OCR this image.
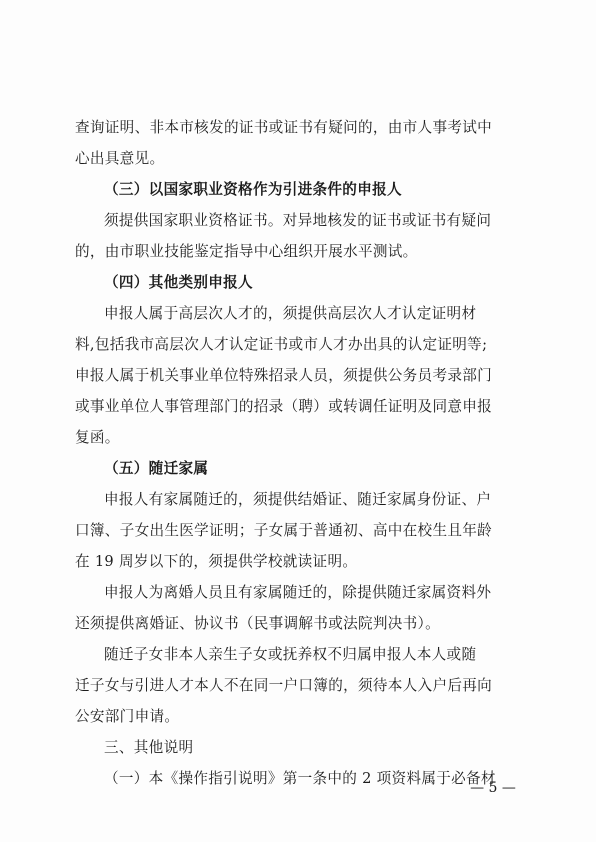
查询证明、非本市核发的证书或证书有疑问的，由市人事考试中
心出具意见。
（三）以国家职业资格作为引进条件的申报人
须提供国家职业资格证书。对异地核发的证书或证书有疑问
的，由市职业技能鉴定指导中心组织开展水平测试。
（四）其他类别申报人
申报人属于高层次人才的，须提供高层次人才认定证明材
料,包括我市高层次人才认定证书或市人才办出具的认定证明等;
申报人属于机关事业单位特殊招录人员，须提供公务员考录部门
或事业单位人事管理部门的招录（聘）或转调任证明及同意申报
复函。
（五）随迁家属
申报人有家属随迁的，须提供结婚证、随迁家属身份证、户
口簿、子女出生医学证明；子女属于普通初、高中在校生且年龄
在 19 周岁以下的，须提供学校就读证明。
申报人为离婚人员且有家属随迁的，除提供随迁家属资料外
还须提供离婚证、协议书（民事调解书或法院判决书）。
随迁子女非本人亲生子女或抚养权不归属申报人本人或随
迁子女与引进人才本人不在同一户口簿的，须待本人入户后再向
公安部门申请。
三、其他说明
（一）本《操作指引说明》第一条中的 2 项资料属于必备材
— 5 —
